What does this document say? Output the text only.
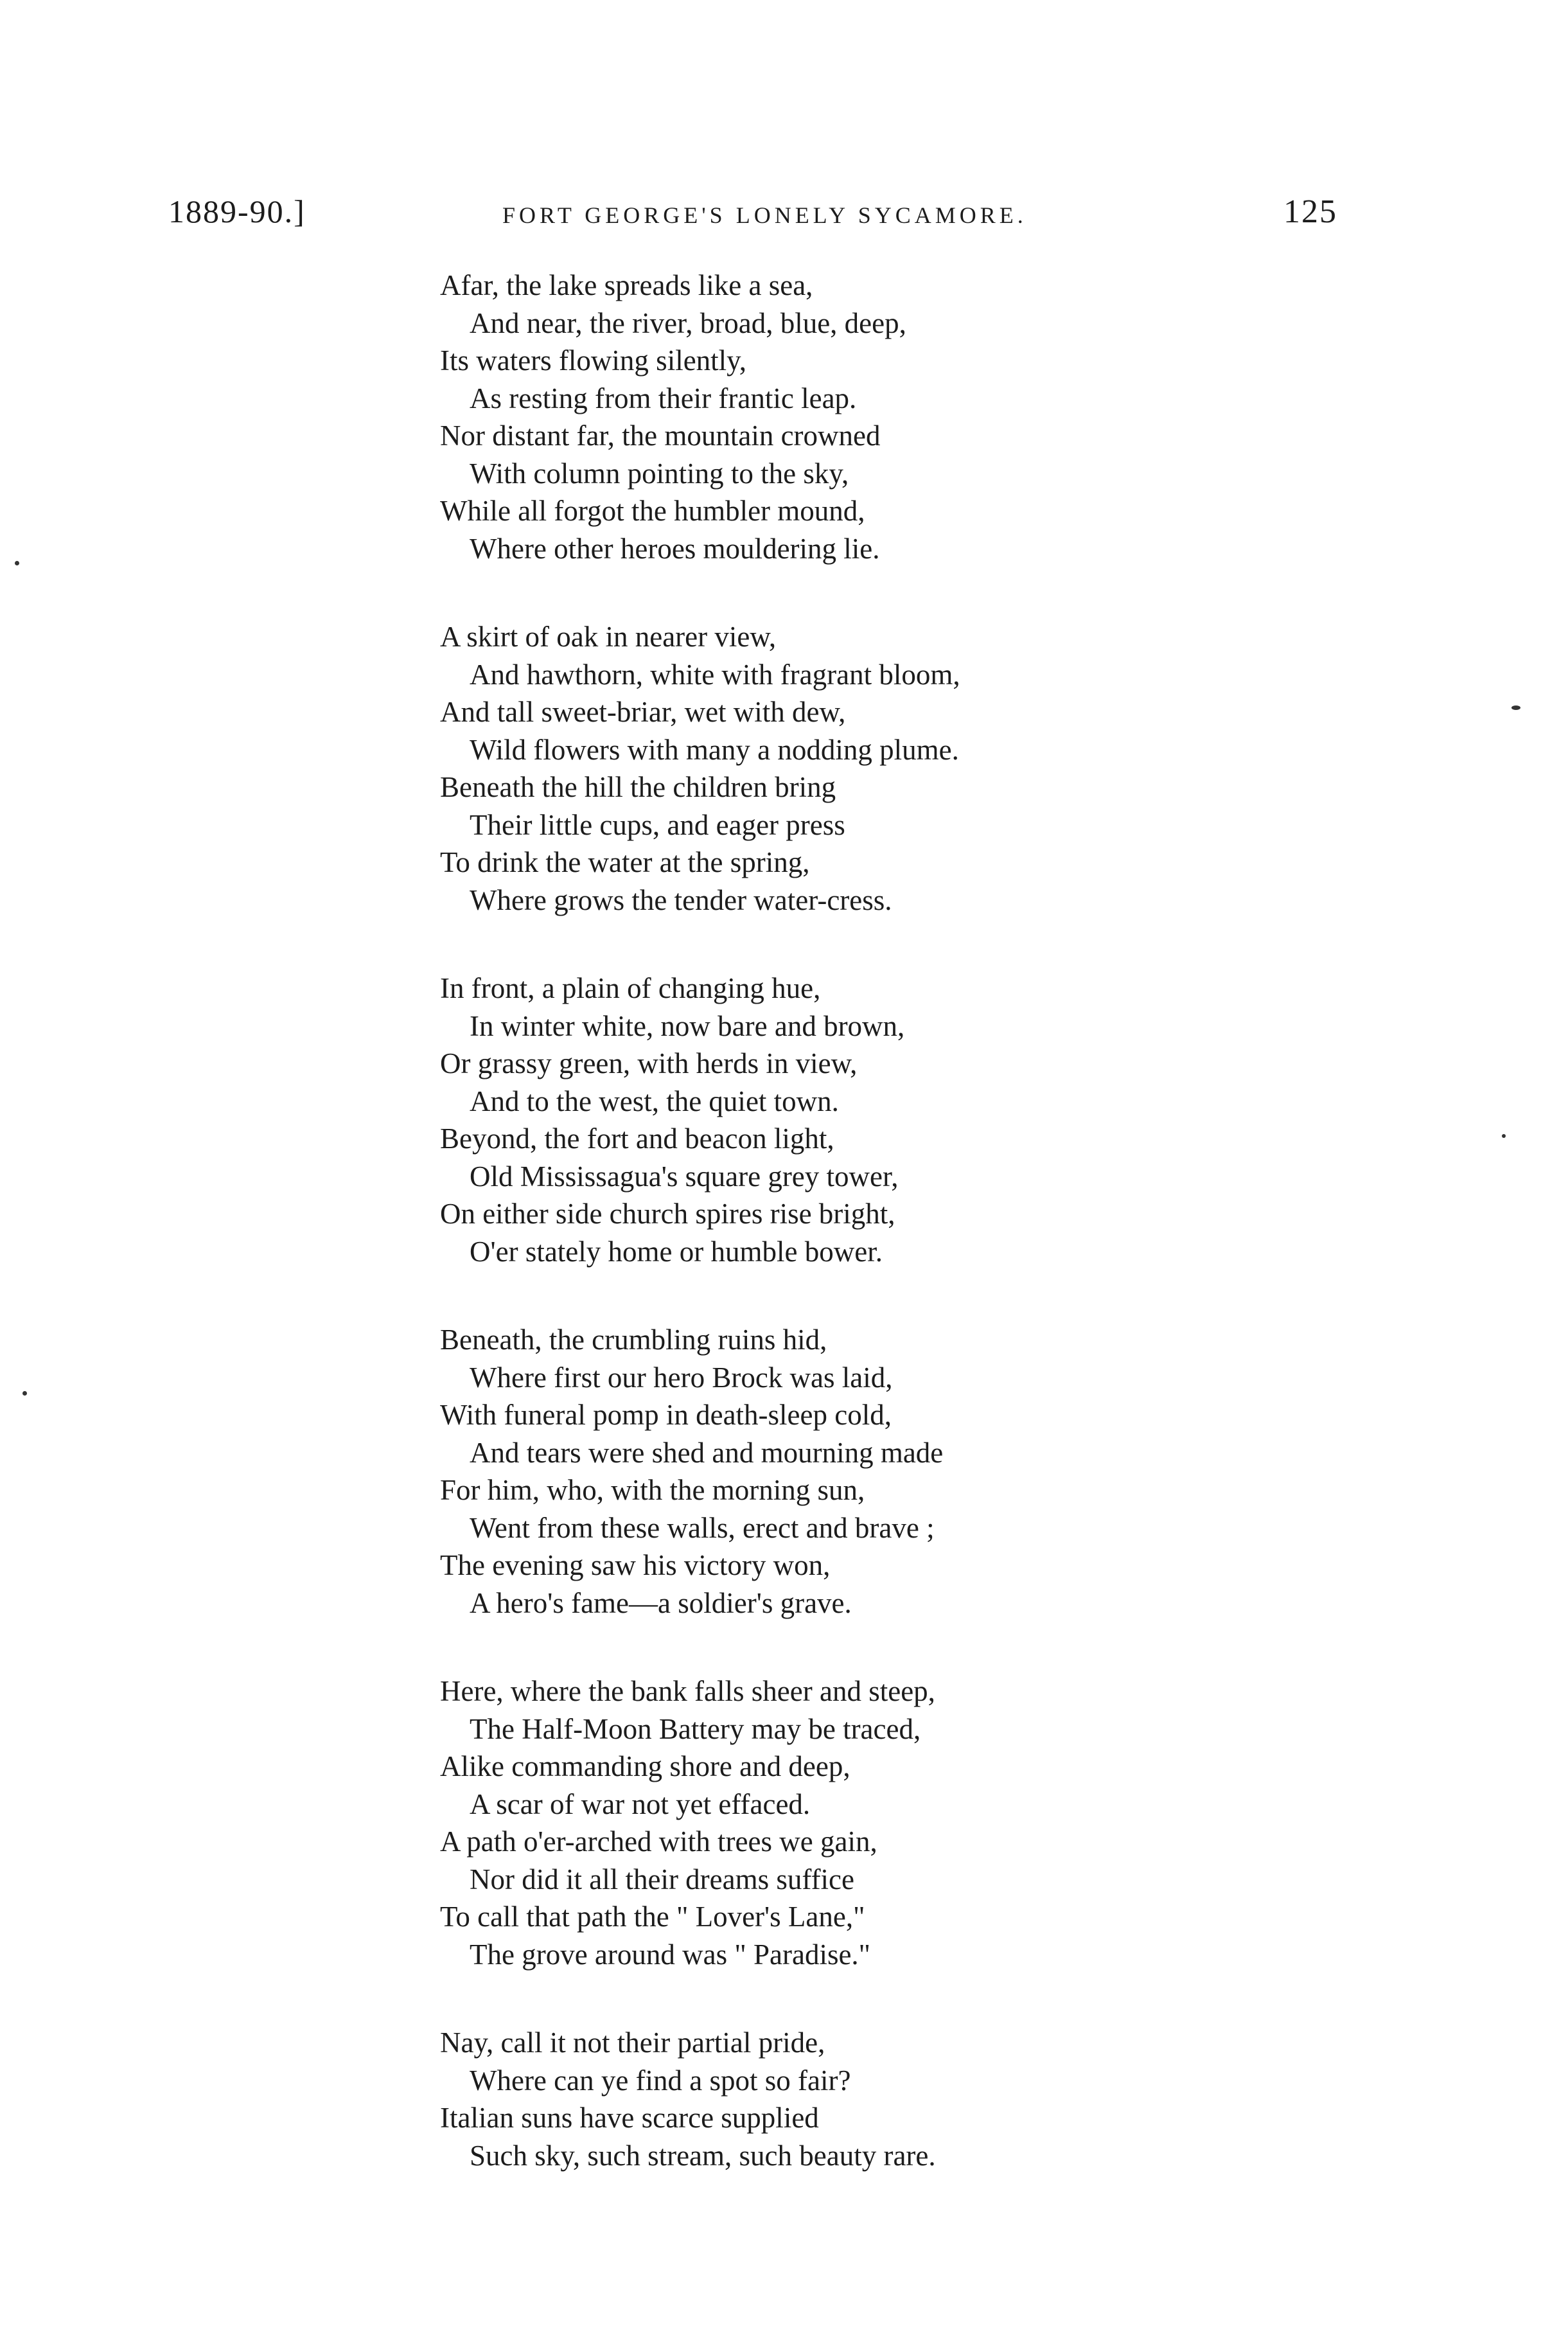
1889-90.]	FORT GEORGE'S LONELY SYCAMORE.	125
Afar, the lake spreads like a sea,
And near, the river, broad, blue, deep,
Its waters flowing silently,
As resting from their frantic leap.
Nor distant far, the mountain crowned
With column pointing to the sky,
While all forgot the humbler mound,
Where other heroes mouldering lie.
A skirt of oak in nearer view,
And hawthorn, white with fragrant bloom,
And tall sweet-briar, wet with dew,
Wild flowers with many a nodding plume.
Beneath the hill the children bring
Their little cups, and eager press
To drink the water at the spring,
Where grows the tender water-cress.
In front, a plain of changing hue,
In winter white, now bare and brown,
Or grassy green, with herds in view,
And to the west, the quiet town.
Beyond, the fort and beacon light,
Old Mississagua's square grey tower,
On either side church spires rise bright,
O'er stately home or humble bower.
Beneath, the crumbling ruins hid,
Where first our hero Brock was laid,
With funeral pomp in death-sleep cold,
And tears were shed and mourning made
For him, who, with the morning sun,
Went from these walls, erect and brave ;
The evening saw his victory won,
A hero's fame—a soldier's grave.
Here, where the bank falls sheer and steep,
The Half-Moon Battery may be traced,
Alike commanding shore and deep,
A scar of war not yet effaced.
A path o'er-arched with trees we gain,
Nor did it all their dreams suffice
To call that path the " Lover's Lane,"
The grove around was " Paradise."
Nay, call it not their partial pride,
Where can ye find a spot so fair?
Italian suns have scarce supplied
Such sky, such stream, such beauty rare.
